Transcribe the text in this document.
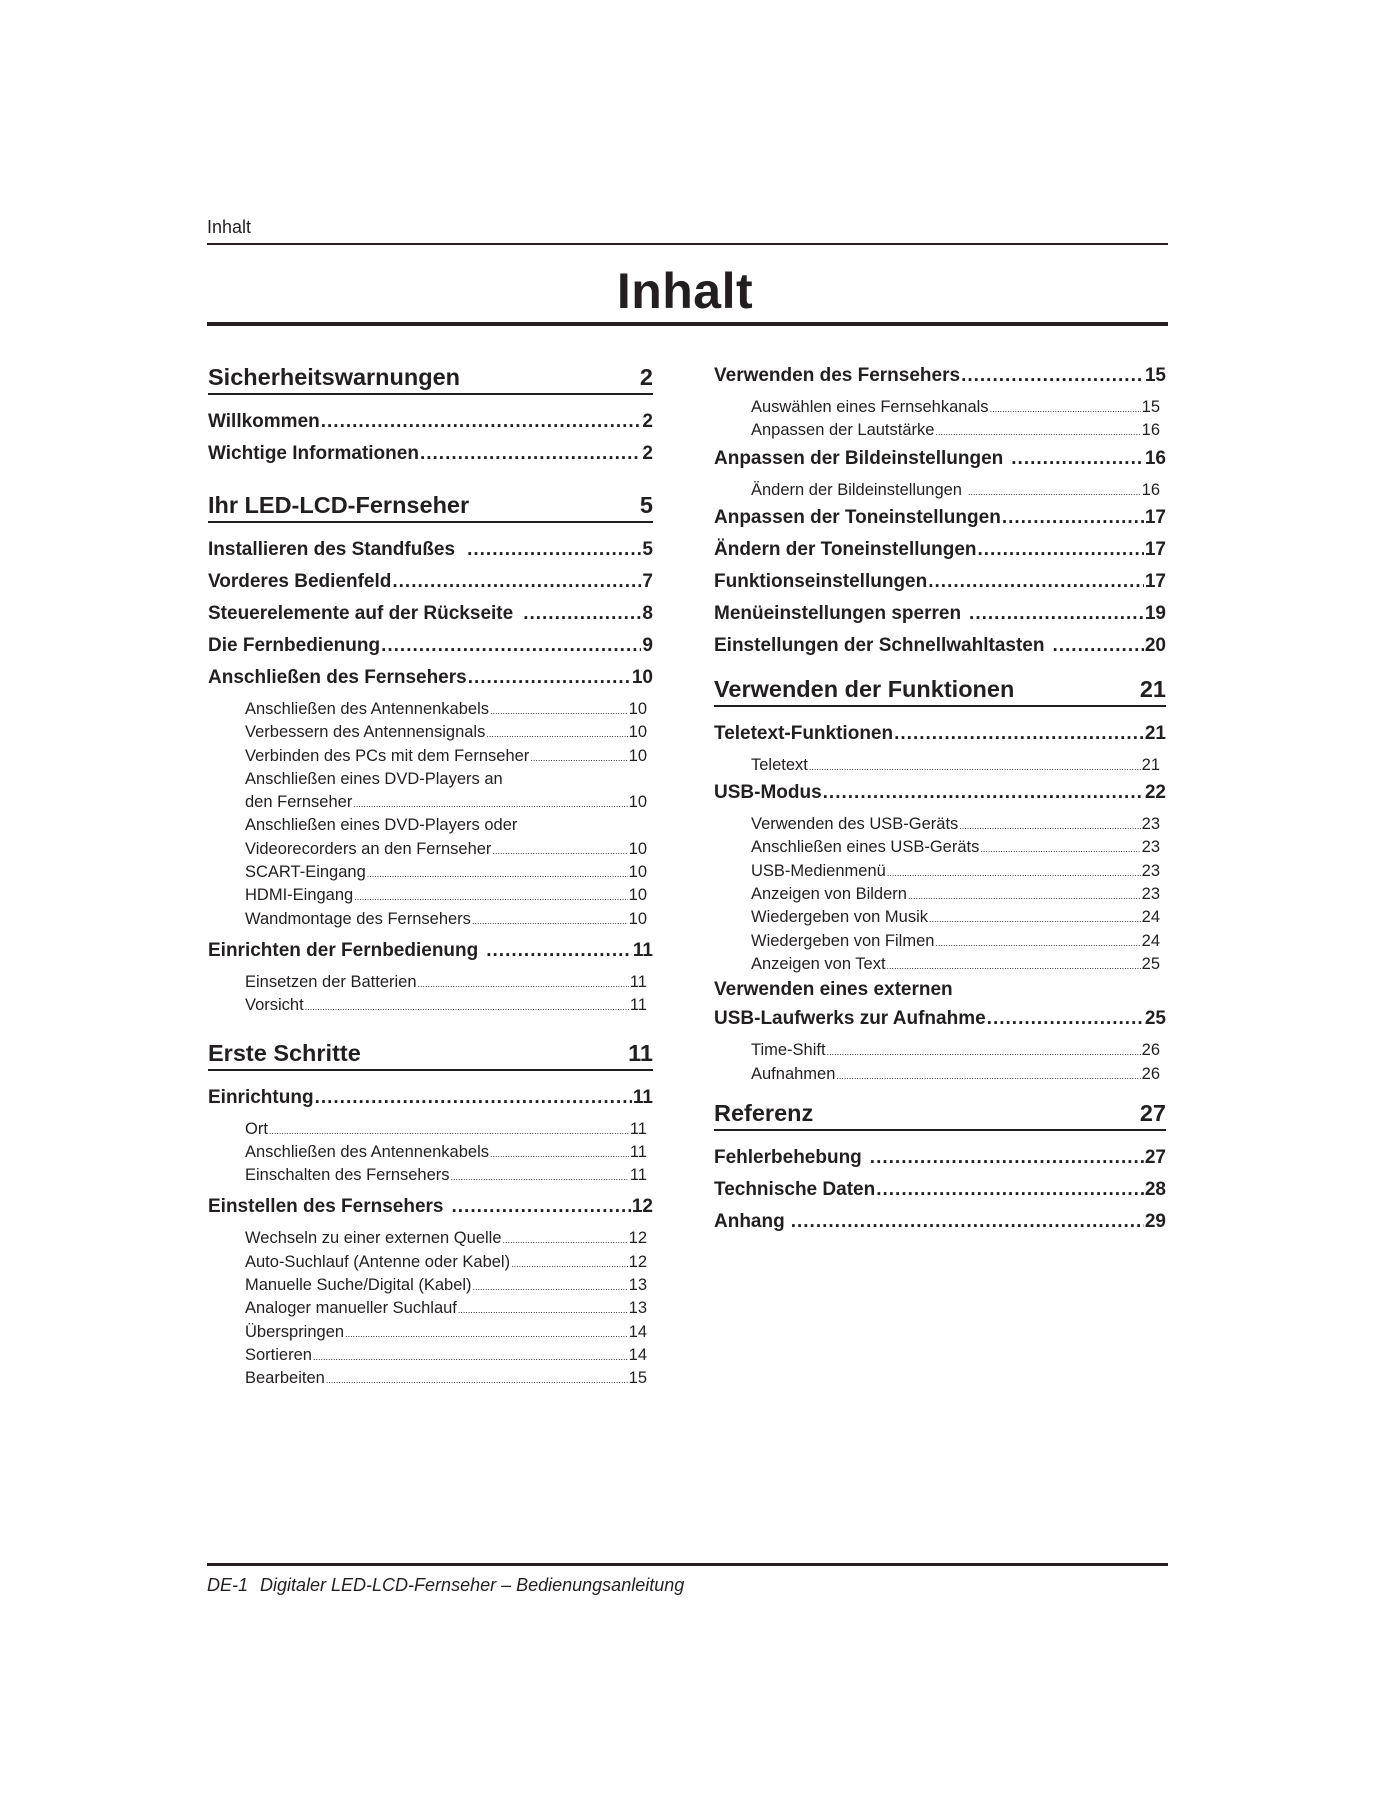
Inhalt
Inhalt
Sicherheitswarnungen	2
Willkommen .....	2
Wichtige Informationen .....	2
Ihr LED-LCD-Fernseher	5
Installieren des Standfußes .....	5
Vorderes Bedienfeld .....	7
Steuerelemente auf der Rückseite .....	8
Die Fernbedienung .....	9
Anschließen des Fernsehers .....	10
Anschließen des Antennenkabels .....	10
Verbessern des Antennensignals .....	10
Verbinden des PCs mit dem Fernseher .....	10
Anschließen eines DVD-Players an
den Fernseher .....	10
Anschließen eines DVD-Players oder
Videorecorders an den Fernseher .....	10
SCART-Eingang .....	10
HDMI-Eingang .....	10
Wandmontage des Fernsehers .....	10
Einrichten der Fernbedienung .....	11
Einsetzen der Batterien .....	11
Vorsicht .....	11
Erste Schritte	11
Einrichtung .....	11
Ort .....	11
Anschließen des Antennenkabels .....	11
Einschalten des Fernsehers .....	11
Einstellen des Fernsehers .....	12
Wechseln zu einer externen Quelle .....	12
Auto-Suchlauf (Antenne oder Kabel) .....	12
Manuelle Suche/Digital (Kabel) .....	13
Analoger manueller Suchlauf .....	13
Überspringen .....	14
Sortieren .....	14
Bearbeiten .....	15
Verwenden des Fernsehers .....	15
Auswählen eines Fernsehkanals .....	15
Anpassen der Lautstärke .....	16
Anpassen der Bildeinstellungen .....	16
Ändern der Bildeinstellungen .....	16
Anpassen der Toneinstellungen .....	17
Ändern der Toneinstellungen .....	17
Funktionseinstellungen .....	17
Menüeinstellungen sperren .....	19
Einstellungen der Schnellwahltasten .....	20
Verwenden der Funktionen	21
Teletext-Funktionen .....	21
Teletext .....	21
USB-Modus .....	22
Verwenden des USB-Geräts .....	23
Anschließen eines USB-Geräts .....	23
USB-Medienmenü .....	23
Anzeigen von Bildern .....	23
Wiedergeben von Musik .....	24
Wiedergeben von Filmen .....	24
Anzeigen von Text .....	25
Verwenden eines externen
USB-Laufwerks zur Aufnahme .....	25
Time-Shift .....	26
Aufnahmen .....	26
Referenz	27
Fehlerbehebung .....	27
Technische Daten .....	28
Anhang .....	29
DE-1 Digitaler LED-LCD-Fernseher – Bedienungsanleitung
